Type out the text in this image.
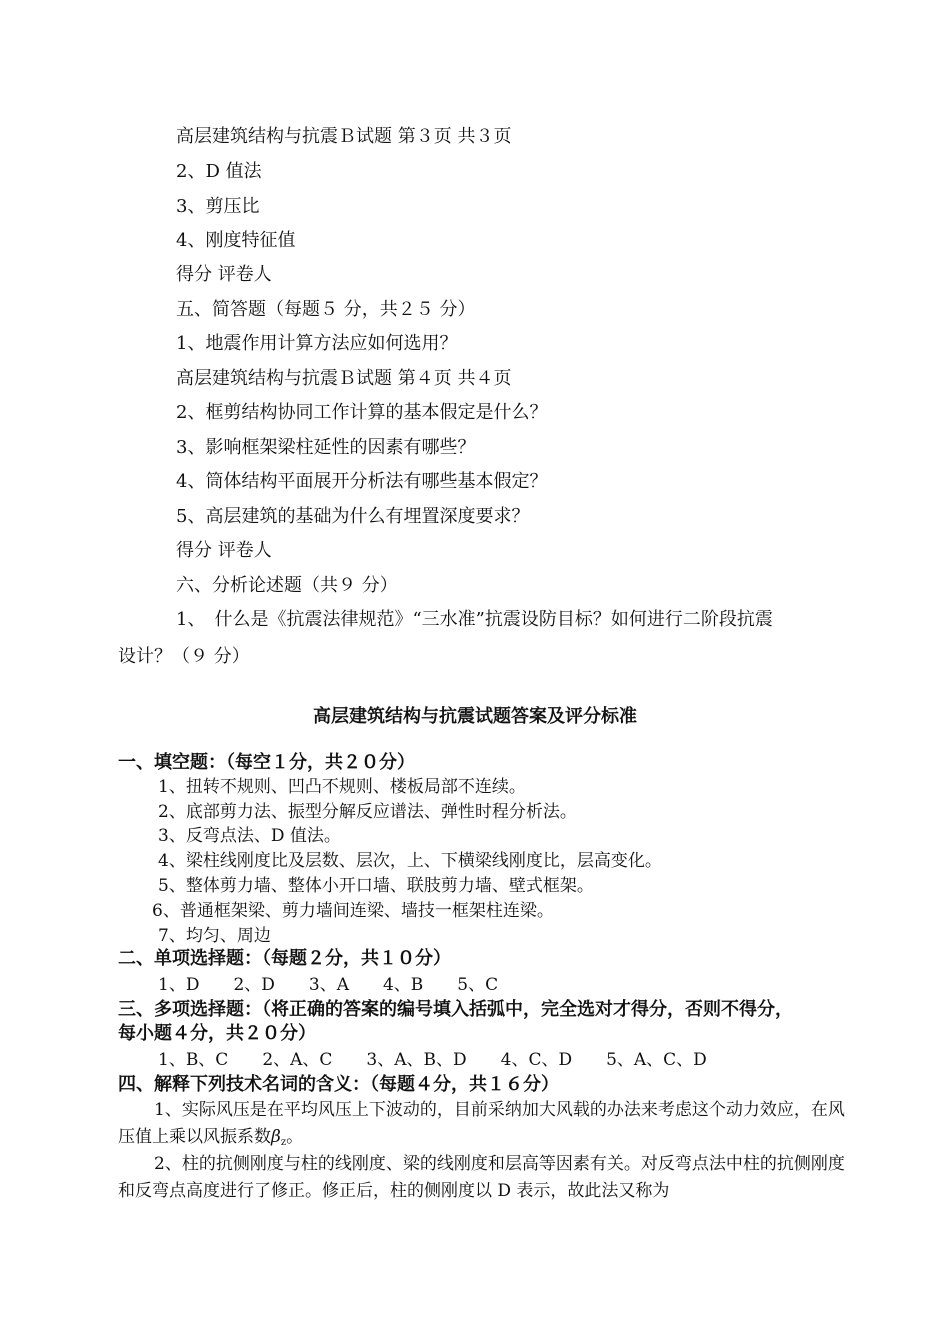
高层建筑结构与抗震Ｂ试题 第３页 共３页
2、D 值法
3、剪压比
4、刚度特征值
得分 评卷人
五、简答题（每题５ 分，共２５ 分）
1、地震作用计算方法应如何选用？
高层建筑结构与抗震Ｂ试题 第４页 共４页
2、框剪结构协同工作计算的基本假定是什么？
3、影响框架梁柱延性的因素有哪些？
4、筒体结构平面展开分析法有哪些基本假定？
5、高层建筑的基础为什么有埋置深度要求？
得分 评卷人
六、分析论述题（共９ 分）
1、　什么是《抗震法律规范》“三水准”抗震设防目标？如何进行二阶段抗震
设计？（９ 分）
高层建筑结构与抗震试题答案及评分标准
一、填空题：（每空１分，共２０分）
1、扭转不规则、凹凸不规则、楼板局部不连续。
2、底部剪力法、振型分解反应谱法、弹性时程分析法。
3、反弯点法、D 值法。
4、梁柱线刚度比及层数、层次，上、下横梁线刚度比，层高变化。
5、整体剪力墙、整体小开口墙、联肢剪力墙、壁式框架。
6、普通框架梁、剪力墙间连梁、墙技一框架柱连梁。
7、均匀、周边
二、单项选择题：（每题２分，共１０分）
1、D　　2、D　　3、A　　4、B　　5、C
三、多项选择题：（将正确的答案的编号填入括弧中，完全选对才得分，否则不得分，
每小题４分，共２０分）
1、B、C　　2、A、C　　3、A、B、D　　4、C、D　　5、A、C、D
四、解释下列技术名词的含义：（每题４分，共１６分）
1、实际风压是在平均风压上下波动的，目前采纳加大风载的办法来考虑这个动力效应，在风压值上乘以风振系数$\beta_z$。
2、柱的抗侧刚度与柱的线刚度、梁的线刚度和层高等因素有关。对反弯点法中柱的抗侧刚度和反弯点高度进行了修正。修正后，柱的侧刚度以 D 表示，故此法又称为
